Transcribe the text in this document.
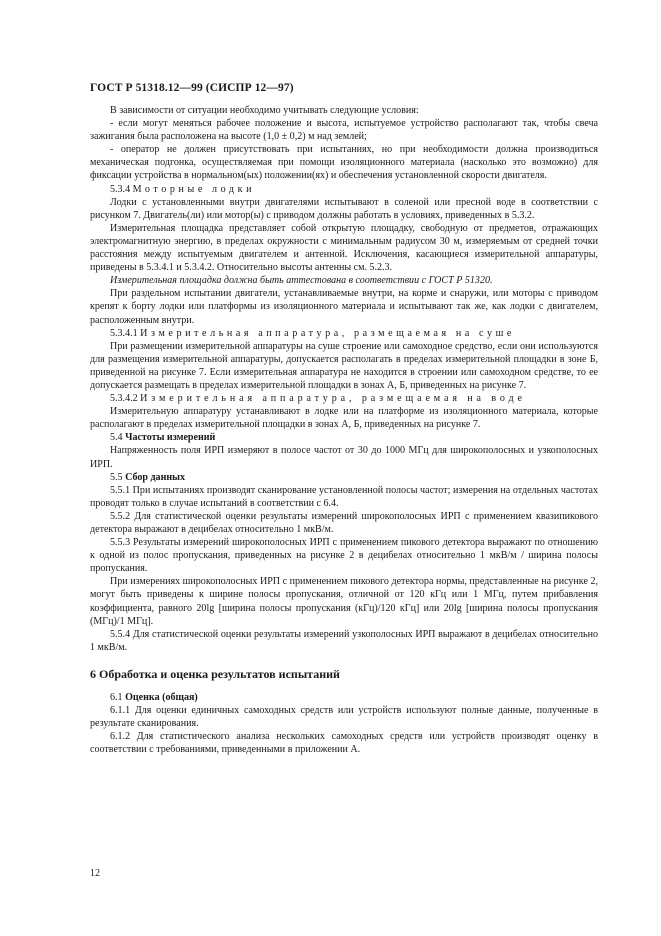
ГОСТ Р 51318.12—99 (СИСПР 12—97)

В зависимости от ситуации необходимо учитывать следующие условия:

- если могут меняться рабочее положение и высота, испытуемое устройство располагают так, чтобы свеча зажигания была расположена на высоте (1,0 ± 0,2) м над землей;

- оператор не должен присутствовать при испытаниях, но при необходимости должна производиться механическая подгонка, осуществляемая при помощи изоляционного материала (насколько это возможно) для фиксации устройства в нормальном(ых) положении(ях) и обеспечения установленной скорости двигателя.

5.3.4 Моторные лодки

Лодки с установленными внутри двигателями испытывают в соленой или пресной воде в соответствии с рисунком 7. Двигатель(ли) или мотор(ы) с приводом должны работать в условиях, приведенных в 5.3.2.

Измерительная площадка представляет собой открытую площадку, свободную от предметов, отражающих электромагнитную энергию, в пределах окружности с минимальным радиусом 30 м, измеряемым от средней точки расстояния между испытуемым двигателем и антенной. Исключения, касающиеся измерительной аппаратуры, приведены в 5.3.4.1 и 5.3.4.2. Относительно высоты антенны см. 5.2.3.

Измерительная площадка должна быть аттестована в соответствии с ГОСТ Р 51320.

При раздельном испытании двигатели, устанавливаемые внутри, на корме и снаружи, или моторы с приводом крепят к борту лодки или платформы из изоляционного материала и испытывают так же, как лодки с двигателем, расположенным внутри.

5.3.4.1 Измерительная аппаратура, размещаемая на суше

При размещении измерительной аппаратуры на суше строение или самоходное средство, если они используются для размещения измерительной аппаратуры, допускается располагать в пределах измерительной площадки в зоне Б, приведенной на рисунке 7. Если измерительная аппаратура не находится в строении или самоходном средстве, то ее допускается размещать в пределах измерительной площадки в зонах А, Б, приведенных на рисунке 7.

5.3.4.2 Измерительная аппаратура, размещаемая на воде

Измерительную аппаратуру устанавливают в лодке или на платформе из изоляционного материала, которые располагают в пределах измерительной площадки в зонах А, Б, приведенных на рисунке 7.

5.4 Частоты измерений

Напряженность поля ИРП измеряют в полосе частот от 30 до 1000 МГц для широкополосных и узкополосных ИРП.

5.5 Сбор данных

5.5.1 При испытаниях производят сканирование установленной полосы частот; измерения на отдельных частотах проводят только в случае испытаний в соответствии с 6.4.

5.5.2 Для статистической оценки результаты измерений широкополосных ИРП с применением квазипикового детектора выражают в децибелах относительно 1 мкВ/м.

5.5.3 Результаты измерений широкополосных ИРП с применением пикового детектора выражают по отношению к одной из полос пропускания, приведенных на рисунке 2 в децибелах относительно 1 мкВ/м / ширина полосы пропускания.

При измерениях широкополосных ИРП с применением пикового детектора нормы, представленные на рисунке 2, могут быть приведены к ширине полосы пропускания, отличной от 120 кГц или 1 МГц, путем прибавления коэффициента, равного 20lg [ширина полосы пропускания (кГц)/120 кГц] или 20lg [ширина полосы пропускания (МГц)/1 МГц].

5.5.4 Для статистической оценки результаты измерений узкополосных ИРП выражают в децибелах относительно 1 мкВ/м.

6 Обработка и оценка результатов испытаний

6.1 Оценка (общая)

6.1.1 Для оценки единичных самоходных средств или устройств используют полные данные, полученные в результате сканирования.

6.1.2 Для статистического анализа нескольких самоходных средств или устройств производят оценку в соответствии с требованиями, приведенными в приложении А.

12
